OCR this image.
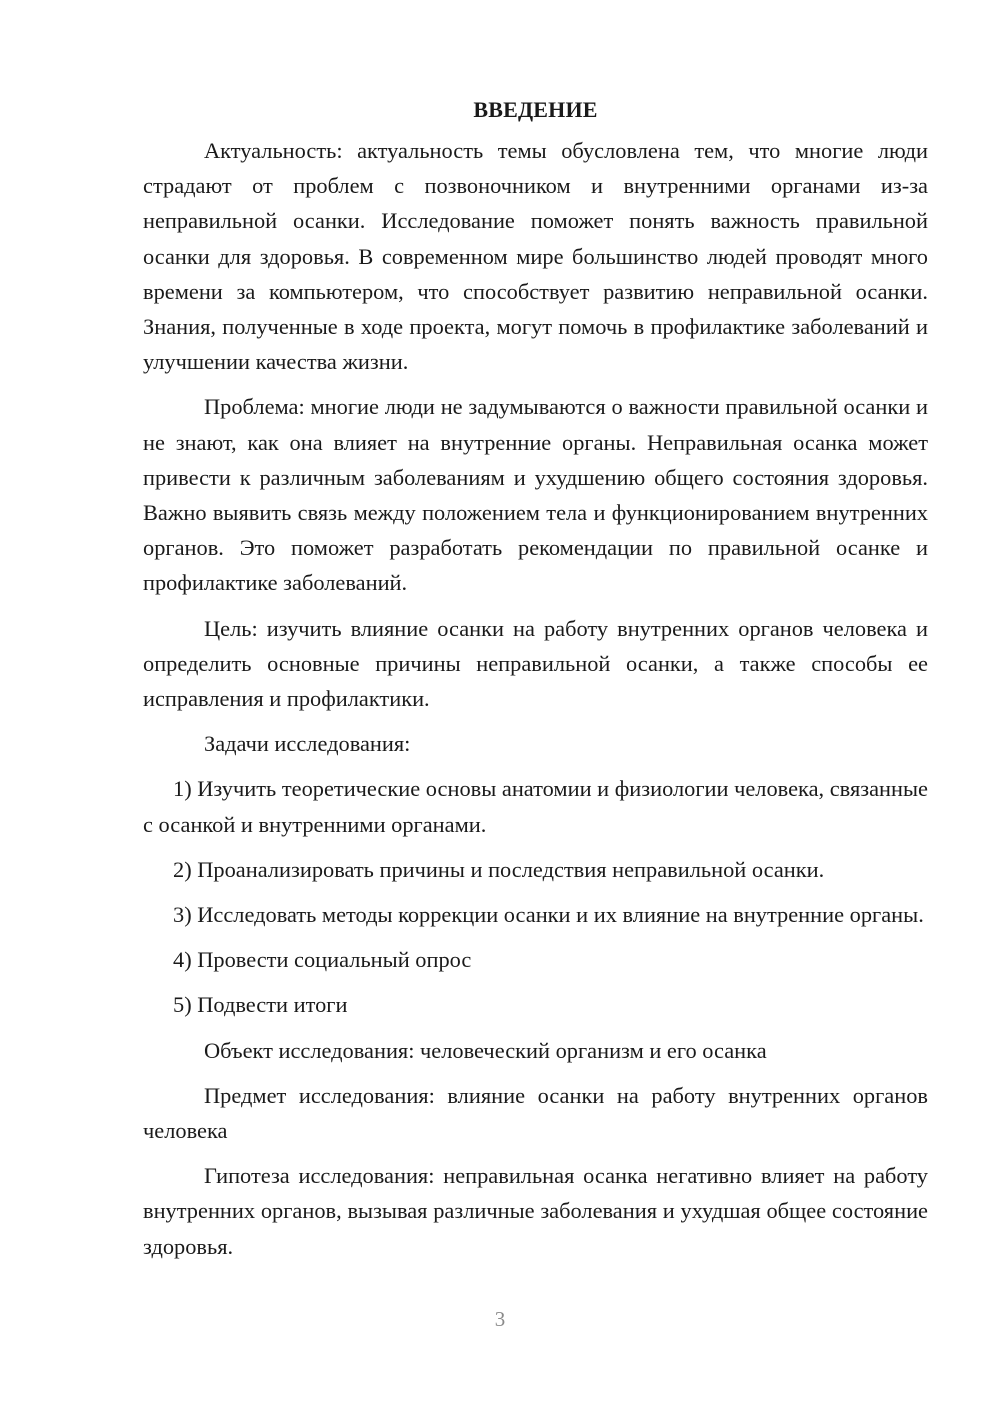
ВВЕДЕНИЕ

Актуальность: актуальность темы обусловлена тем, что многие люди страдают от проблем с позвоночником и внутренними органами из-за неправильной осанки. Исследование поможет понять важность правильной осанки для здоровья. В современном мире большинство людей проводят много времени за компьютером, что способствует развитию неправильной осанки. Знания, полученные в ходе проекта, могут помочь в профилактике заболеваний и улучшении качества жизни.

Проблема: многие люди не задумываются о важности правильной осанки и не знают, как она влияет на внутренние органы. Неправильная осанка может привести к различным заболеваниям и ухудшению общего состояния здоровья. Важно выявить связь между положением тела и функционированием внутренних органов. Это поможет разработать рекомендации по правильной осанке и профилактике заболеваний.

Цель: изучить влияние осанки на работу внутренних органов человека и определить основные причины неправильной осанки, а также способы ее исправления и профилактики.

Задачи исследования:

1) Изучить теоретические основы анатомии и физиологии человека, связанные с осанкой и внутренними органами.

2) Проанализировать причины и последствия неправильной осанки.

3) Исследовать методы коррекции осанки и их влияние на внутренние органы.

4) Провести социальный опрос

5) Подвести итоги

Объект исследования: человеческий организм и его осанка

Предмет исследования: влияние осанки на работу внутренних органов человека

Гипотеза исследования: неправильная осанка негативно влияет на работу внутренних органов, вызывая различные заболевания и ухудшая общее состояние здоровья.

3
